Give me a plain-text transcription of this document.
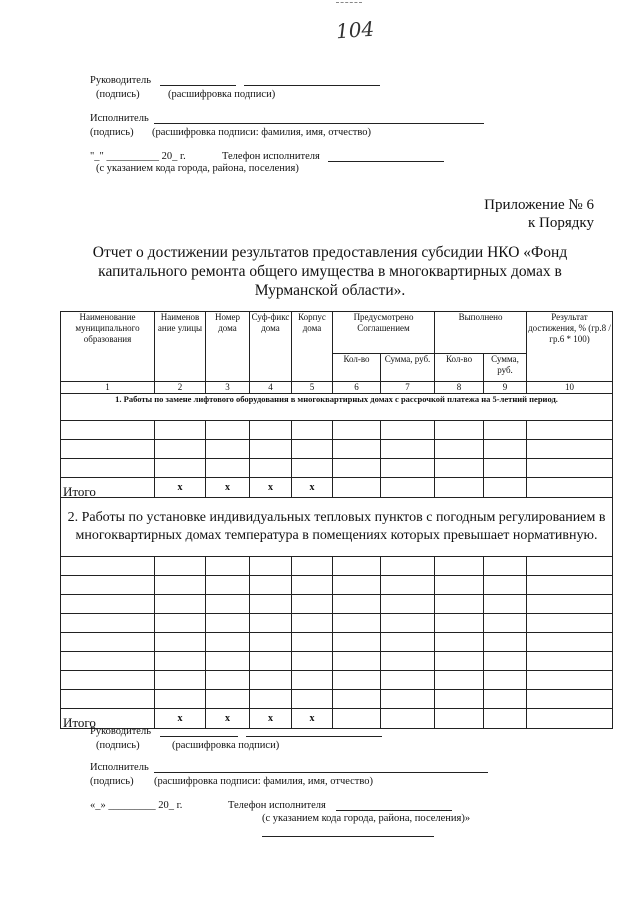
104
Руководитель
(подпись)	(расшифровка подписи)
Исполнитель
(подпись) (расшифровка подписи: фамилия, имя, отчество)
"_" __________ 20_ г.	Телефон исполнителя
(с указанием кода города, района, поселения)
Приложение № 6
к Порядку
Отчет о достижении результатов предоставления субсидии НКО «Фонд капитального ремонта общего имущества в многоквартирных домах в Мурманской области».
Наименование муниципального образования	Наименов ание улицы	Номер дома	Суф-фикс дома	Корпус дома	Предусмотрено Соглашением		Выполнено		Результат достижения, % (гр.8 / гр.6 * 100)
					Кол-во	Сумма, руб.	Кол-во	Сумма, руб.	
1	2	3	4	5	6	7	8	9	10
1. Работы по замене лифтового оборудования в многоквартирных домах с рассрочкой платежа на 5-летний период.									

Итого	x	x	x	x					
2. Работы по установке индивидуальных тепловых пунктов с погодным регулированием в многоквартирных домах температура в помещениях которых превышает нормативную.									

Итого	x	x	x	x					
Руководитель
(подпись)	(расшифровка подписи)
Исполнитель
(подпись) (расшифровка подписи: фамилия, имя, отчество)
«_» _________ 20_ г.	Телефон исполнителя
(с указанием кода города, района, поселения)»
